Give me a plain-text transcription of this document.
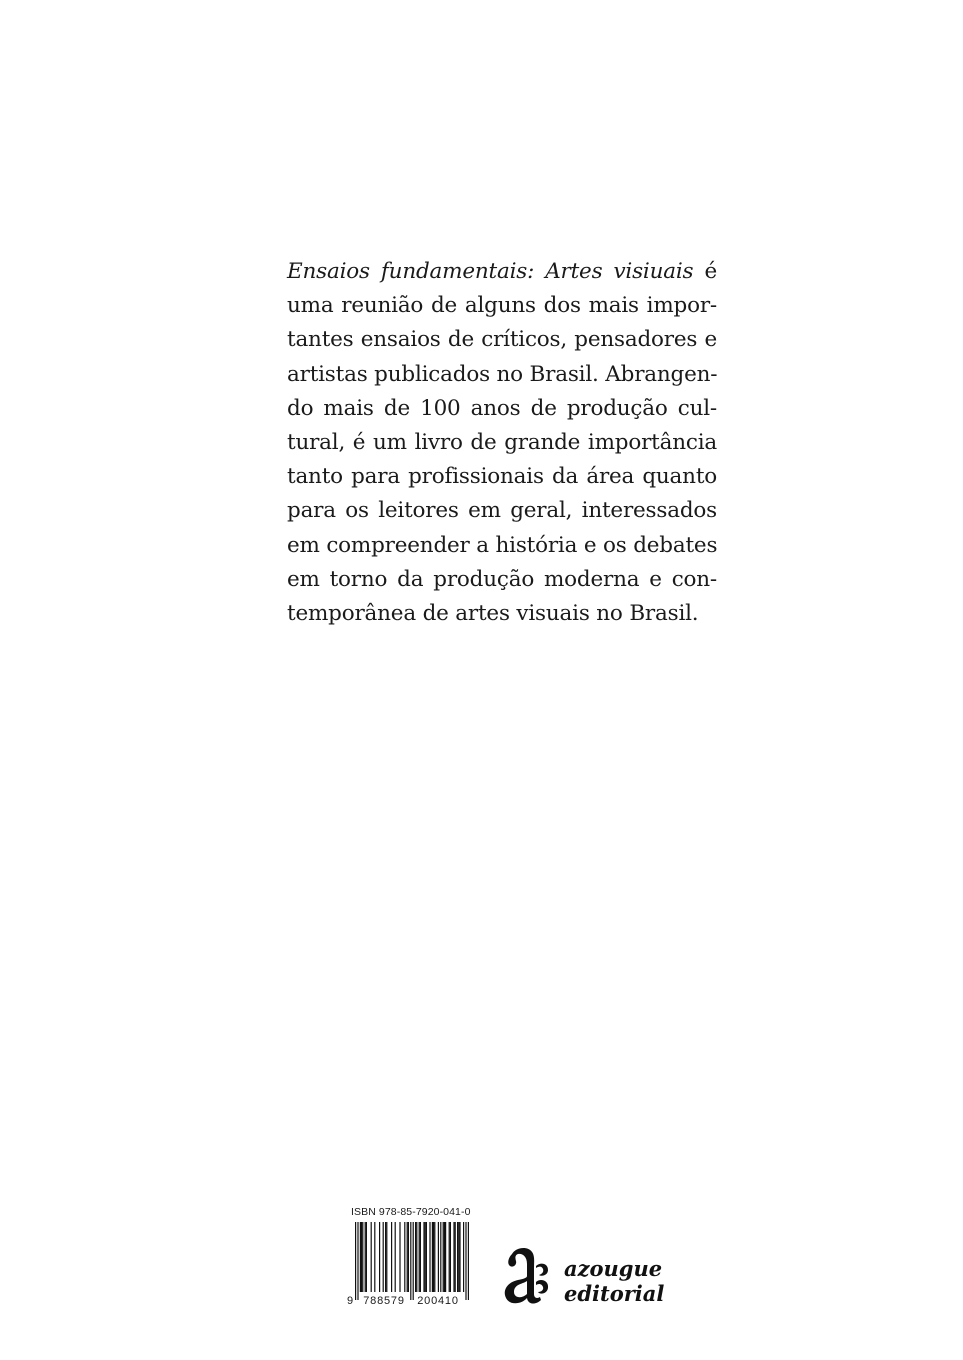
Ensaios fundamentais: Artes visiuais é
uma reunião de alguns dos mais impor-
tantes ensaios de críticos, pensadores e
artistas publicados no Brasil. Abrangen-
do mais de 100 anos de produção cul-
tural, é um livro de grande importância
tanto para profissionais da área quanto
para os leitores em geral, interessados
em compreender a história e os debates
em torno da produção moderna e con-
temporânea de artes visuais no Brasil.
ISBN 978-85-7920-041-0
9 788579 200410
azougue
editorial
